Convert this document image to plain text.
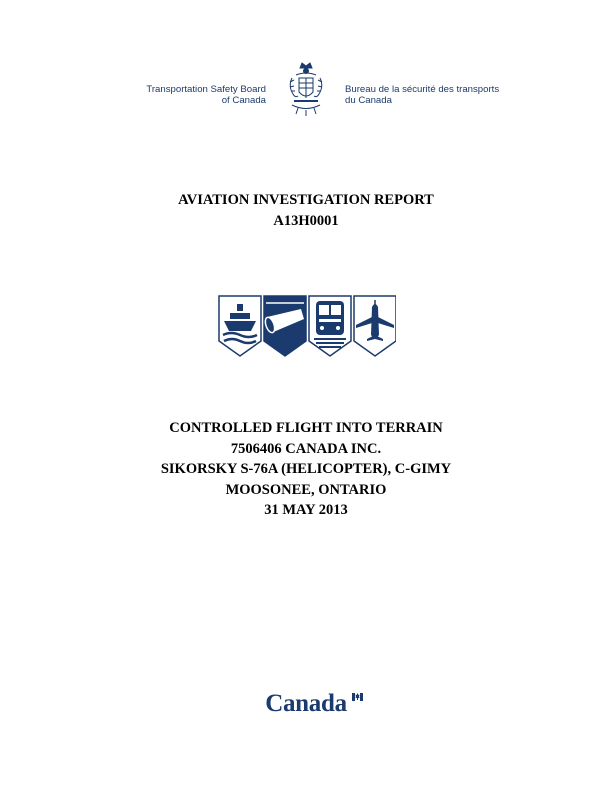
Transportation Safety Board
of Canada
Bureau de la sécurité des transports
du Canada
AVIATION INVESTIGATION REPORT
A13H0001
CONTROLLED FLIGHT INTO TERRAIN
7506406 CANADA INC.
SIKORSKY S-76A (HELICOPTER), C-GIMY
MOOSONEE, ONTARIO
31 MAY 2013
Canada
